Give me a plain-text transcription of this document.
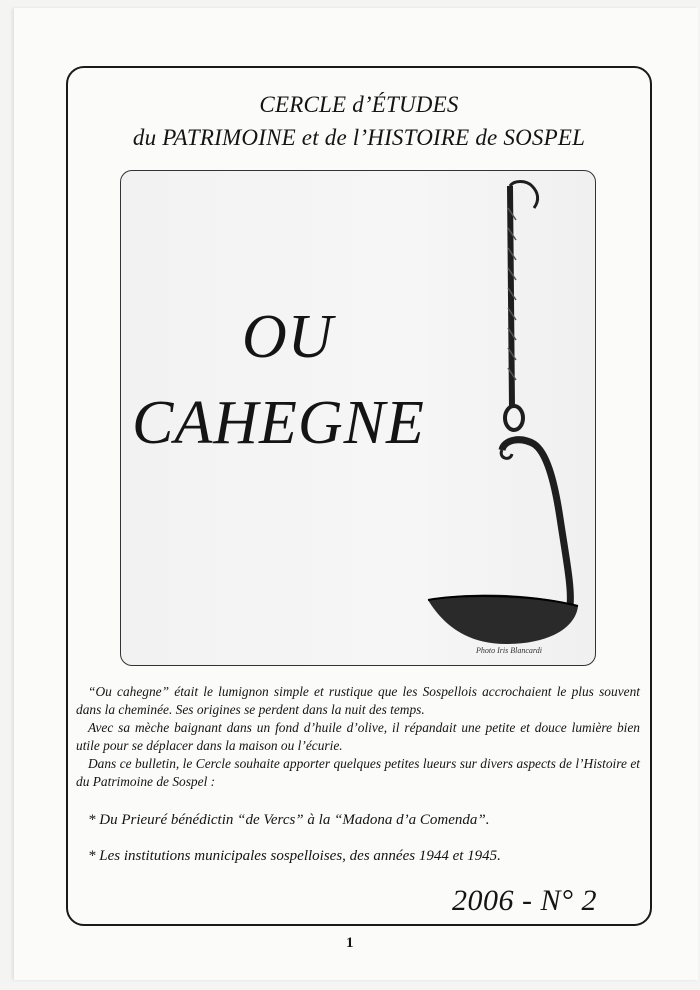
CERCLE d’ÉTUDES
du PATRIMOINE et de l’HISTOIRE de SOSPEL
OU
CAHEGNE
Photo Iris Blancardi

“Ou cahegne” était le lumignon simple et rustique que les Sospellois accrochaient le plus souvent dans la cheminée. Ses origines se perdent dans la nuit des temps.

Avec sa mèche baignant dans un fond d’huile d’olive, il répandait une petite et douce lumière bien utile pour se déplacer dans la maison ou l’écurie.

Dans ce bulletin, le Cercle souhaite apporter quelques petites lueurs sur divers aspects de l’Histoire et du Patrimoine de Sospel :

* Du Prieuré bénédictin “de Vercs” à la “Madona d’a Comenda”.
* Les institutions municipales sospelloises, des années 1944 et 1945.
2006 - N° 2
1
